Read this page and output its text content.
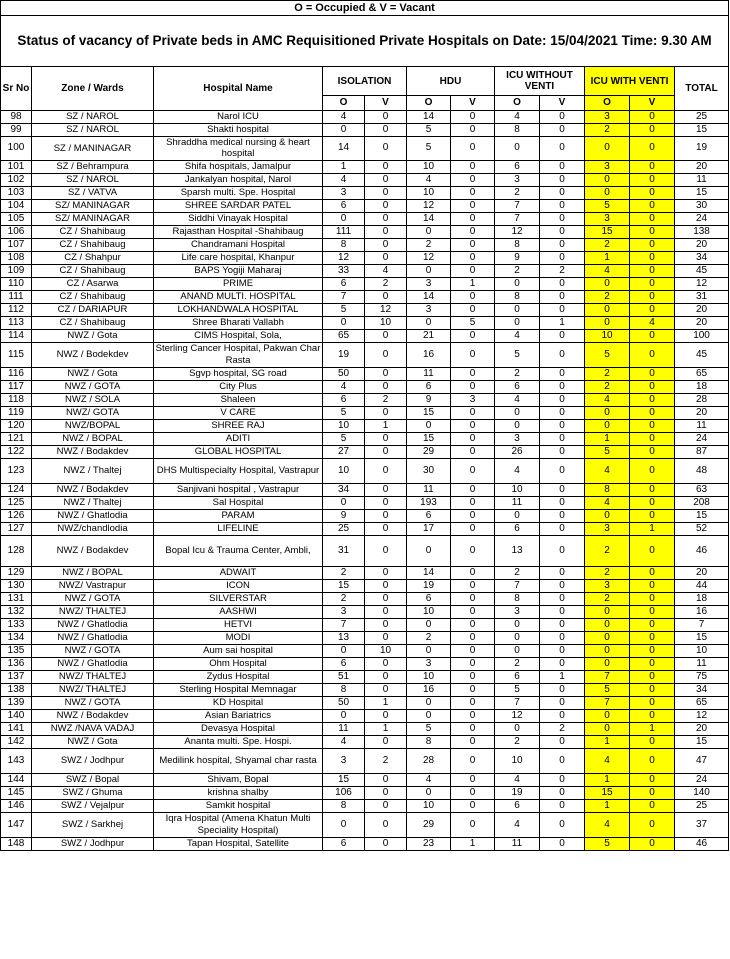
O = Occupied & V = Vacant											
Status of vacancy of Private beds in AMC Requisitioned Private Hospitals on Date: 15/04/2021 Time: 9.30 AM											
Sr No	Zone / Wards	Hospital Name	ISOLATION		HDU		ICU WITHOUT VENTI		ICU WITH VENTI		TOTAL
			O	V	O	V	O	V	O	V	
98	SZ / NAROL	Narol ICU	4	0	14	0	4	0	3	0	25
99	SZ / NAROL	Shakti hospital	0	0	5	0	8	0	2	0	15
100	SZ / MANINAGAR	Shraddha medical nursing & heart hospital	14	0	5	0	0	0	0	0	19
101	SZ / Behrampura	Shifa hospitals, Jamalpur	1	0	10	0	6	0	3	0	20
102	SZ / NAROL	Jankalyan hospital, Narol	4	0	4	0	3	0	0	0	11
103	SZ / VATVA	Sparsh multi. Spe. Hospital	3	0	10	0	2	0	0	0	15
104	SZ/ MANINAGAR	SHREE SARDAR PATEL	6	0	12	0	7	0	5	0	30
105	SZ/ MANINAGAR	Siddhi Vinayak Hospital	0	0	14	0	7	0	3	0	24
106	CZ / Shahibaug	Rajasthan Hospital -Shahibaug	111	0	0	0	12	0	15	0	138
107	CZ / Shahibaug	Chandramani Hospital	8	0	2	0	8	0	2	0	20
108	CZ / Shahpur	Life care hospital, Khanpur	12	0	12	0	9	0	1	0	34
109	CZ / Shahibaug	BAPS Yogiji Maharaj	33	4	0	0	2	2	4	0	45
110	CZ / Asarwa	PRIME	6	2	3	1	0	0	0	0	12
111	CZ / Shahibaug	ANAND MULTI. HOSPITAL	7	0	14	0	8	0	2	0	31
112	CZ / DARIAPUR	LOKHANDWALA HOSPITAL	5	12	3	0	0	0	0	0	20
113	CZ / Shahibaug	Shree Bharati Vallabh	0	10	0	5	0	1	0	4	20
114	NWZ / Gota	CIMS Hospital, Sola,	65	0	21	0	4	0	10	0	100
115	NWZ / Bodekdev	Sterling Cancer Hospital, Pakwan Char Rasta	19	0	16	0	5	0	5	0	45
116	NWZ / Gota	Sgvp hospital, SG road	50	0	11	0	2	0	2	0	65
117	NWZ / GOTA	City Plus	4	0	6	0	6	0	2	0	18
118	NWZ / SOLA	Shaleen	6	2	9	3	4	0	4	0	28
119	NWZ/ GOTA	V CARE	5	0	15	0	0	0	0	0	20
120	NWZ/BOPAL	SHREE RAJ	10	1	0	0	0	0	0	0	11
121	NWZ / BOPAL	ADITI	5	0	15	0	3	0	1	0	24
122	NWZ / Bodakdev	GLOBAL HOSPITAL	27	0	29	0	26	0	5	0	87
123	NWZ / Thaltej	DHS Multispecialty Hospital, Vastrapur	10	0	30	0	4	0	4	0	48
124	NWZ / Bodakdev	Sanjivani hospital , Vastrapur	34	0	11	0	10	0	8	0	63
125	NWZ / Thaltej	Sal Hospital	0	0	193	0	11	0	4	0	208
126	NWZ / Ghatlodia	PARAM	9	0	6	0	0	0	0	0	15
127	NWZ/chandlodia	LIFELINE	25	0	17	0	6	0	3	1	52
128	NWZ / Bodakdev	Bopal Icu & Trauma Center, Ambli,	31	0	0	0	13	0	2	0	46
129	NWZ / BOPAL	ADWAIT	2	0	14	0	2	0	2	0	20
130	NWZ/ Vastrapur	ICON	15	0	19	0	7	0	3	0	44
131	NWZ / GOTA	SILVERSTAR	2	0	6	0	8	0	2	0	18
132	NWZ/ THALTEJ	AASHWI	3	0	10	0	3	0	0	0	16
133	NWZ / Ghatlodia	HETVI	7	0	0	0	0	0	0	0	7
134	NWZ / Ghatlodia	MODI	13	0	2	0	0	0	0	0	15
135	NWZ / GOTA	Aum sai hospital	0	10	0	0	0	0	0	0	10
136	NWZ / Ghatlodia	Ohm Hospital	6	0	3	0	2	0	0	0	11
137	NWZ/ THALTEJ	Zydus Hospital	51	0	10	0	6	1	7	0	75
138	NWZ/ THALTEJ	Sterling Hospital Memnagar	8	0	16	0	5	0	5	0	34
139	NWZ / GOTA	KD Hospital	50	1	0	0	7	0	7	0	65
140	NWZ / Bodakdev	Asian Bariatrics	0	0	0	0	12	0	0	0	12
141	NWZ /NAVA VADAJ	Devasya Hospital	11	1	5	0	0	2	0	1	20
142	NWZ / Gota	Ananta multi. Spe. Hospi.	4	0	8	0	2	0	1	0	15
143	SWZ / Jodhpur	Medilink hospital, Shyamal char rasta	3	2	28	0	10	0	4	0	47
144	SWZ / Bopal	Shivam, Bopal	15	0	4	0	4	0	1	0	24
145	SWZ / Ghuma	krishna shalby	106	0	0	0	19	0	15	0	140
146	SWZ / Vejalpur	Samkit hospital	8	0	10	0	6	0	1	0	25
147	SWZ / Sarkhej	Iqra Hospital (Amena Khatun Multi Speciality Hospital)	0	0	29	0	4	0	4	0	37
148	SWZ / Jodhpur	Tapan Hospital, Satellite	6	0	23	1	11	0	5	0	46
